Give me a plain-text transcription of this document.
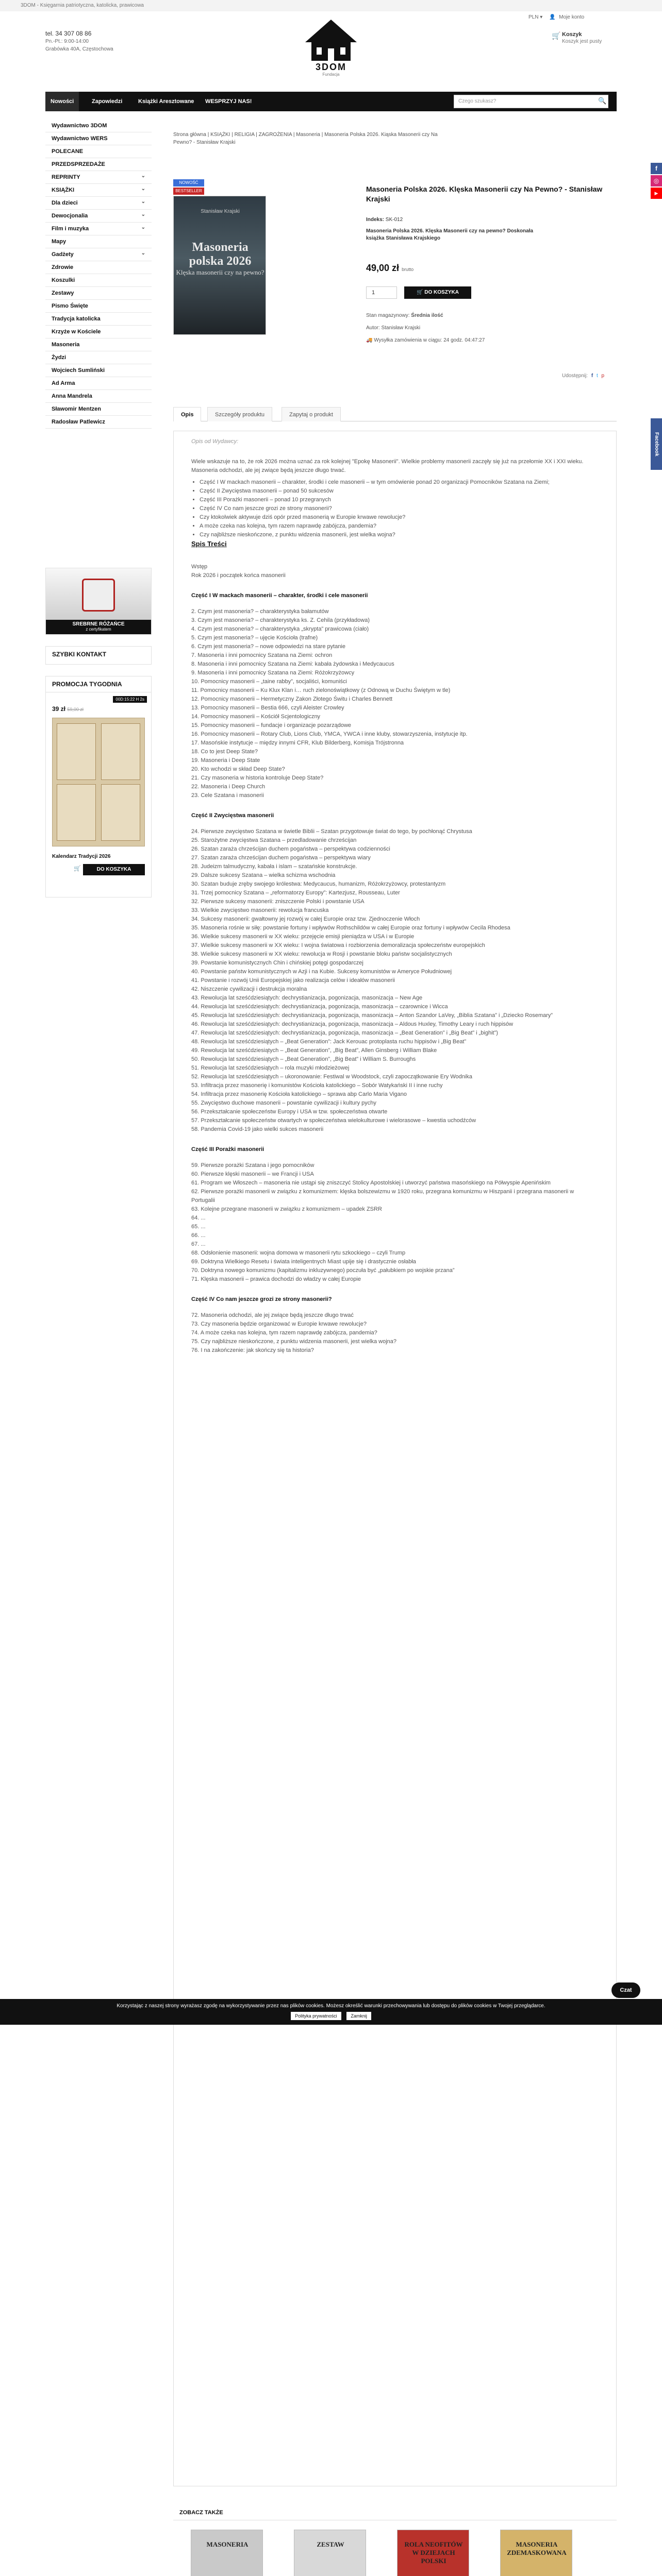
3DOM - Księgarnia patriotyczna, katolicka, prawicowa
tel. 34 307 08 86
Pn.-Pt.: 9:00-14:00
Grabówka 40A, Częstochowa
3DOM
Fundacja
PLN ▾ 👤 Moje konto
🛒 Koszyk
Koszyk jest pusty
Nowości	Zapowiedzi	Książki Aresztowane	WESPRZYJ NAS!	Czego szukasz?	🔍
SREBRNE RÓŻAŃCE
z certyfikatem
SZYBKI KONTAKT
PROMOCJA TYGODNIA
00D:15:22 H 2s
39 zł 59,00 zł
Kalendarz Tradycji 2026
DO KOSZYKA
🛒
Wydawnictwo 3DOM
Wydawnictwo WERS
POLECANE
PRZEDSPRZEDAŻE
REPRINTY	⌄
KSIĄŻKI	⌄
Dla dzieci	⌄
Dewocjonalia	⌄
Film i muzyka	⌄
Mapy
Gadżety	⌄
Zdrowie
Koszulki
Zestawy
Pismo Święte
Tradycja katolicka
Krzyże w Kościele
Masoneria
Żydzi
Wojciech Sumliński
Ad Arma
Anna Mandrela
Sławomir Mentzen
Radosław Patlewicz
Strona główna | KSIĄŻKI | RELIGIA | ZAGROŻENIA | Masoneria | Masoneria Polska 2026. Kiąska Masonerii czy Na Pewno? - Stanisław Krajski
NOWOŚĆ
BESTSELLER
Stanisław Krajski
Masoneria polska 2026
Klęska masonerii czy na pewno?
Masoneria Polska 2026. Klęska Masonerii czy Na Pewno? - Stanisław Krajski
Indeks: SK-012
Masoneria Polska 2026. Klęska Masonerii czy na pewno? Doskonała
książka Stanisława Krajskiego
49,00 zł brutto
1	🛒 DO KOSZYKA
Stan magazynowy: Średnia ilość
Autor: Stanisław Krajski
🚚 Wysyłka zamówienia w ciągu: 24 godz. 04:47:27
Udostępnij: f t p
Opis	Szczegóły produktu	Zapytaj o produkt

Opis od Wydawcy:

Wiele wskazuje na to, że rok 2026 można uznać za rok kolejnej "Epokę Masonerii". Wielkie problemy masonerii zaczęły się już na przełomie XX i XXI wieku. Masoneria odchodzi, ale jej zwiące będą jeszcze długo trwać.

• Część I W mackach masonerii – charakter, środki i cele masonerii – w tym omówienie ponad 20 organizacji Pomocników Szatana na Ziemi;
• Część II Zwycięstwa masonerii – ponad 50 sukcesów
• Część III Porażki masonerii – ponad 10 przegranych
• Część IV Co nam jeszcze grozi ze strony masonerii?
• Czy ktokolwiek aktywuje dziś opór przed masonerią w Europie krwawe rewolucje?
• A może czeka nas kolejna, tym razem naprawdę zabójcza, pandemia?
• Czy najbliższe nieskończone, z punktu widzenia masonerii, jest wielka wojna?

Spis Treści

Wstęp

Rok 2026 i początek końca masonerii

Część I W mackach masonerii – charakter, środki i cele masonerii
2. Czym jest masoneria? – charakterystyka bałamutów
3. Czym jest masoneria? – charakterystyka ks. Z. Cehila (przykładowa)
4. Czym jest masoneria? – charakterystyka „skrypta” prawicowa (ciało)
5. Czym jest masoneria? – ujęcie Kościoła (trafne)
6. Czym jest masoneria? – nowe odpowiedzi na stare pytanie
7. Masoneria i inni pomocnicy Szatana na Ziemi: ochron
8. Masoneria i inni pomocnicy Szatana na Ziemi: kabała żydowska i Medycaucus
9. Masoneria i inni pomocnicy Szatana na Ziemi: Różokrzyżowcy
10. Pomocnicy masonerii – „taine rabby”, socjaliści, komuniści
11. Pomocnicy masonerii – Ku Klux Klan i… ruch zielonoświątkowy (z Odnową w Duchu Świętym w tle)
12. Pomocnicy masonerii – Hermetyczny Zakon Złotego Świtu i Charles Bennett
13. Pomocnicy masonerii – Bestia 666, czyli Aleister Crowley
14. Pomocnicy masonerii – Kościół Scjentologiczny
15. Pomocnicy masonerii – fundacje i organizacje pozarządowe
16. Pomocnicy masonerii – Rotary Club, Lions Club, YMCA, YWCA i inne kluby, stowarzyszenia, instytucje itp.
17. Masońskie instytucje – między innymi CFR, Klub Bilderberg, Komisja Trójstronna
18. Co to jest Deep State?
19. Masoneria i Deep State
20. Kto wchodzi w skład Deep State?
21. Czy masoneria w historia kontroluje Deep State?
22. Masoneria i Deep Church
23. Cele Szatana i masonerii
Część II Zwycięstwa masonerii
24. Pierwsze zwycięstwo Szatana w świetle Biblii – Szatan przygotowuje świat do tego, by pochłonąć Chrystusa
25. Starożytne zwycięstwa Szatana – przedladowanie chrześcijan
26. Szatan zaraża chrześcijan duchem pogaństwa – perspektywa codzienności
27. Szatan zaraża chrześcijan duchem pogaństwa – perspektywa wiary
28. Judeizm talmudyczny, kabała i islam – szatańskie konstrukcje.
29. Dalsze sukcesy Szatana – wielka schizma wschodnia
30. Szatan buduje zręby swojego królestwa: Medycaucus, humanizm, Różokrzyżowcy, protestantyzm
31. Trzej pomocnicy Szatana – „reformatorzy Europy”: Kartezjusz, Rousseau, Luter
32. Pierwsze sukcesy masonerii: zniszczenie Polski i powstanie USA
33. Wielkie zwycięstwo masonerii: rewolucja francuska
34. Sukcesy masonerii: gwałtowny jej rozwój w całej Europie oraz tzw. Zjednoczenie Włoch
35. Masoneria rośnie w siłę: powstanie fortuny i wpływów Rothschildów w całej Europie oraz fortuny i wpływów Cecila Rhodesa
36. Wielkie sukcesy masonerii w XX wieku: przejęcie emisji pieniądza w USA i w Europie
37. Wielkie sukcesy masonerii w XX wieku: I wojna światowa i rozbiorzenia demoralizacja społeczeństw europejskich
38. Wielkie sukcesy masonerii w XX wieku: rewolucja w Rosji i powstanie bloku państw socjalistycznych
39. Powstanie komunistycznych Chin i chińskiej potęgi gospodarczej
40. Powstanie państw komunistycznych w Azji i na Kubie. Sukcesy komunistów w Ameryce Południowej
41. Powstanie i rozwój Unii Europejskiej jako realizacja celów i ideałów masonerii
42. Niszczenie cywilizacji i destrukcja moralna
43. Rewolucja lat sześćdziesiątych: dechrystianizacja, pogonizacja, masonizacja – New Age
44. Rewolucja lat sześćdziesiątych: dechrystianizacja, pogonizacja, masonizacja – czarownice i Wicca
45. Rewolucja lat sześćdziesiątych: dechrystianizacja, pogonizacja, masonizacja – Anton Szandor LaVey, „Biblia Szatana” i „Dziecko Rosemary”
46. Rewolucja lat sześćdziesiątych: dechrystianizacja, pogonizacja, masonizacja – Aldous Huxley, Timothy Leary i ruch hippisów
47. Rewolucja lat sześćdziesiątych: dechrystianizacja, pogonizacja, masonizacja – „Beat Generation” i „Big Beat” i „bighit”)
48. Rewolucja lat sześćdziesiątych – „Beat Generation”: Jack Kerouac protoplasta ruchu hippisów i „Big Beat”
49. Rewolucja lat sześćdziesiątych – „Beat Generation”, „Big Beat”, Allen Ginsberg i William Blake
50. Rewolucja lat sześćdziesiątych – „Beat Generation”, „Big Beat” i William S. Burroughs
51. Rewolucja lat sześćdziesiątych – rola muzyki młodzieżowej
52. Rewolucja lat sześćdziesiątych – ukoronowanie: Festiwal w Woodstock, czyli zapoczątkowanie Ery Wodnika
53. Infiltracja przez masonerię i komunistów Kościoła katolickiego – Sobór Watykański II i inne ruchy
54. Infiltracja przez masonerię Kościoła katolickiego – sprawa abp Carlo Maria Vigano
55. Zwycięstwo duchowe masonerii – powstanie cywilizacji i kultury pychy
56. Przekształcanie społeczeństw Europy i USA w tzw. społeczeństwa otwarte
57. Przekształcanie społeczeństw otwartych w społeczeństwa wielokulturowe i wielorasowe – kwestia uchodźców
58. Pandemia Covid-19 jako wielki sukces masonerii
Część III Porażki masonerii
59. Pierwsze porażki Szatana i jego pomocników
60. Pierwsze klęski masonerii – we Francji i USA
61. Program we Włoszech – masoneria nie ustąpi się zniszczyć Stolicy Apostolskiej i utworzyć państwa masońskiego na Półwyspie Apenińskim
62. Pierwsze porażki masonerii w związku z komunizmem: klęska bolszewizmu w 1920 roku, przegrana komunizmu w Hiszpanii i przegrana masonerii w Portugalii
63. Kolejne przegrane masonerii w związku z komunizmem – upadek ZSRR
64. ...
65. ...
66. ...
67. ...
68. Odsłonienie masonerii: wojna domowa w masonerii rytu szkockiego – czyli Trump
69. Doktryna Wielkiego Resetu i świata inteligentnych Miast upije się i drastycznie osłabła
70. Doktryna nowego komunizmu (kapitalizmu inkluzywnego) poczuła być „pałubkiem po wojskie przana”
71. Klęska masonerii – prawica dochodzi do władzy w całej Europie
Część IV Co nam jeszcze grozi ze strony masonerii?
72. Masoneria odchodzi, ale jej zwiące będą jeszcze długo trwać
73. Czy masoneria będzie organizować w Europie krwawe rewolucje?
74. A może czeka nas kolejna, tym razem naprawdę zabójcza, pandemia?
75. Czy najbliższe nieskończone, z punktu widzenia masonerii, jest wielka wojna?
76. I na zakończenie: jak skończy się ta historia?
Czat
Korzystając z naszej strony wyrażasz zgodę na wykorzystywanie przez nas plików cookies. Możesz określić warunki przechowywania lub dostępu do plików cookies w Twojej przeglądarce.
Polityka prywatności	Zamknij
ZOBACZ TAKŻE
f
◎
▶
Facebook
MASONERIA	ZESTAW	ROLA NEOFITÓW W DZIEJACH POLSKI
MASONERIA ZDEMASKOWANA
